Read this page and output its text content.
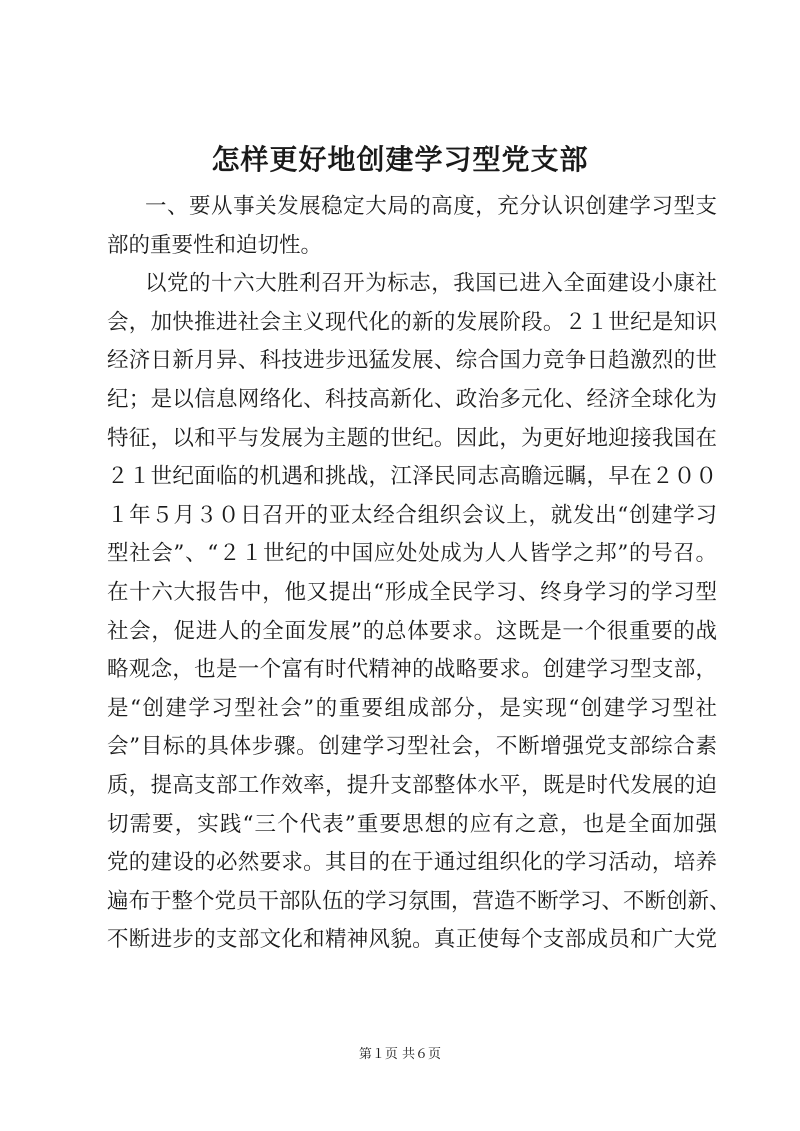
怎样更好地创建学习型党支部
一、要从事关发展稳定大局的高度，充分认识创建学习型支
部的重要性和迫切性。
以党的十六大胜利召开为标志，我国已进入全面建设小康社
会，加快推进社会主义现代化的新的发展阶段。２１世纪是知识
经济日新月异、科技进步迅猛发展、综合国力竞争日趋激烈的世
纪；是以信息网络化、科技高新化、政治多元化、经济全球化为
特征，以和平与发展为主题的世纪。因此，为更好地迎接我国在
２１世纪面临的机遇和挑战，江泽民同志高瞻远瞩，早在２００
１年５月３０日召开的亚太经合组织会议上，就发出“创建学习
型社会”、“２１世纪的中国应处处成为人人皆学之邦”的号召。
在十六大报告中，他又提出“形成全民学习、终身学习的学习型
社会，促进人的全面发展”的总体要求。这既是一个很重要的战
略观念，也是一个富有时代精神的战略要求。创建学习型支部，
是“创建学习型社会”的重要组成部分，是实现“创建学习型社
会”目标的具体步骤。创建学习型社会，不断增强党支部综合素
质，提高支部工作效率，提升支部整体水平，既是时代发展的迫
切需要，实践“三个代表”重要思想的应有之意，也是全面加强
党的建设的必然要求。其目的在于通过组织化的学习活动，培养
遍布于整个党员干部队伍的学习氛围，营造不断学习、不断创新、
不断进步的支部文化和精神风貌。真正使每个支部成员和广大党
第１页 共６页
